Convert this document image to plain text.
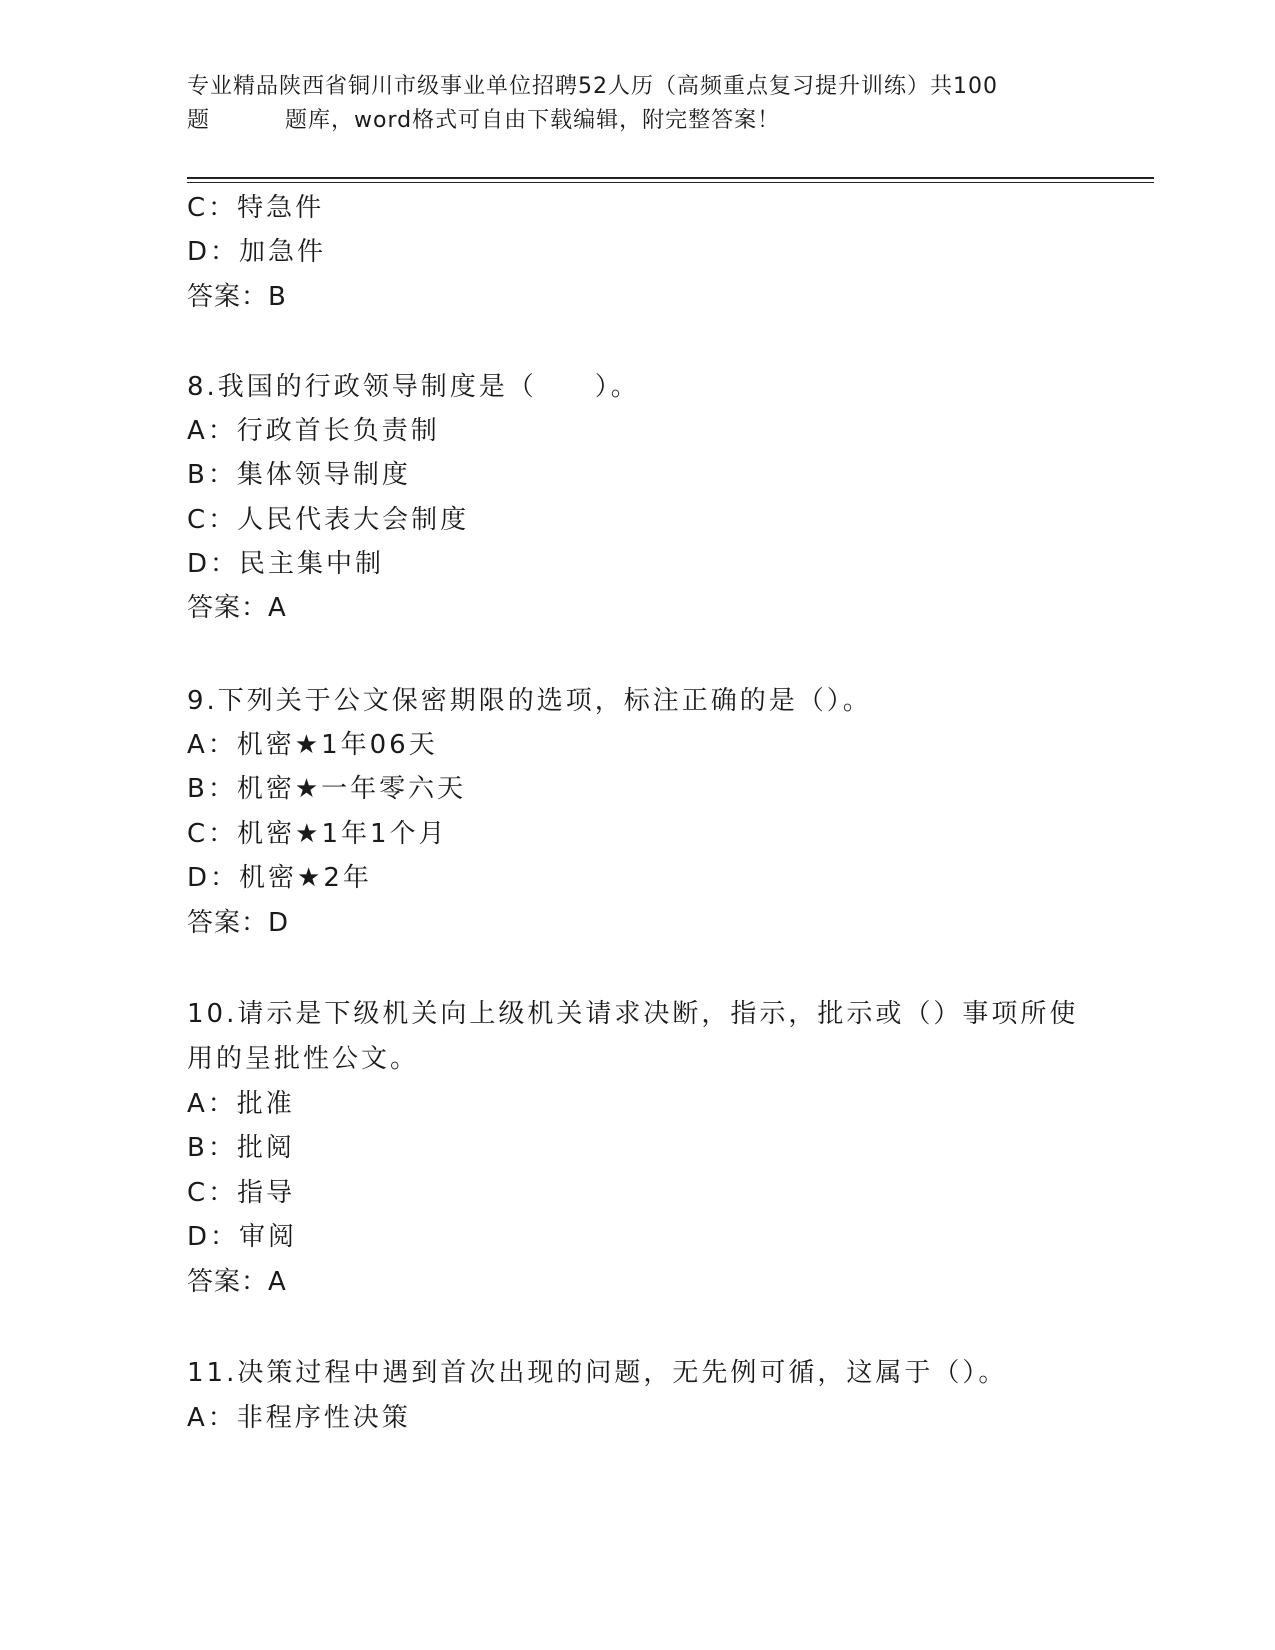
专业精品陕西省铜川市级事业单位招聘52人历（高频重点复习提升训练）共100
题	题库，word格式可自由下载编辑，附完整答案！
C：特急件
D：加急件
答案：B
8.我国的行政领导制度是（　　）。
A：行政首长负责制
B：集体领导制度
C：人民代表大会制度
D：民主集中制
答案：A
9.下列关于公文保密期限的选项，标注正确的是（）。
A：机密★1年06天
B：机密★一年零六天
C：机密★1年1个月
D：机密★2年
答案：D
10.请示是下级机关向上级机关请求决断，指示，批示或（）事项所使
用的呈批性公文。
A：批准
B：批阅
C：指导
D：审阅
答案：A
11.决策过程中遇到首次出现的问题，无先例可循，这属于（）。
A：非程序性决策
